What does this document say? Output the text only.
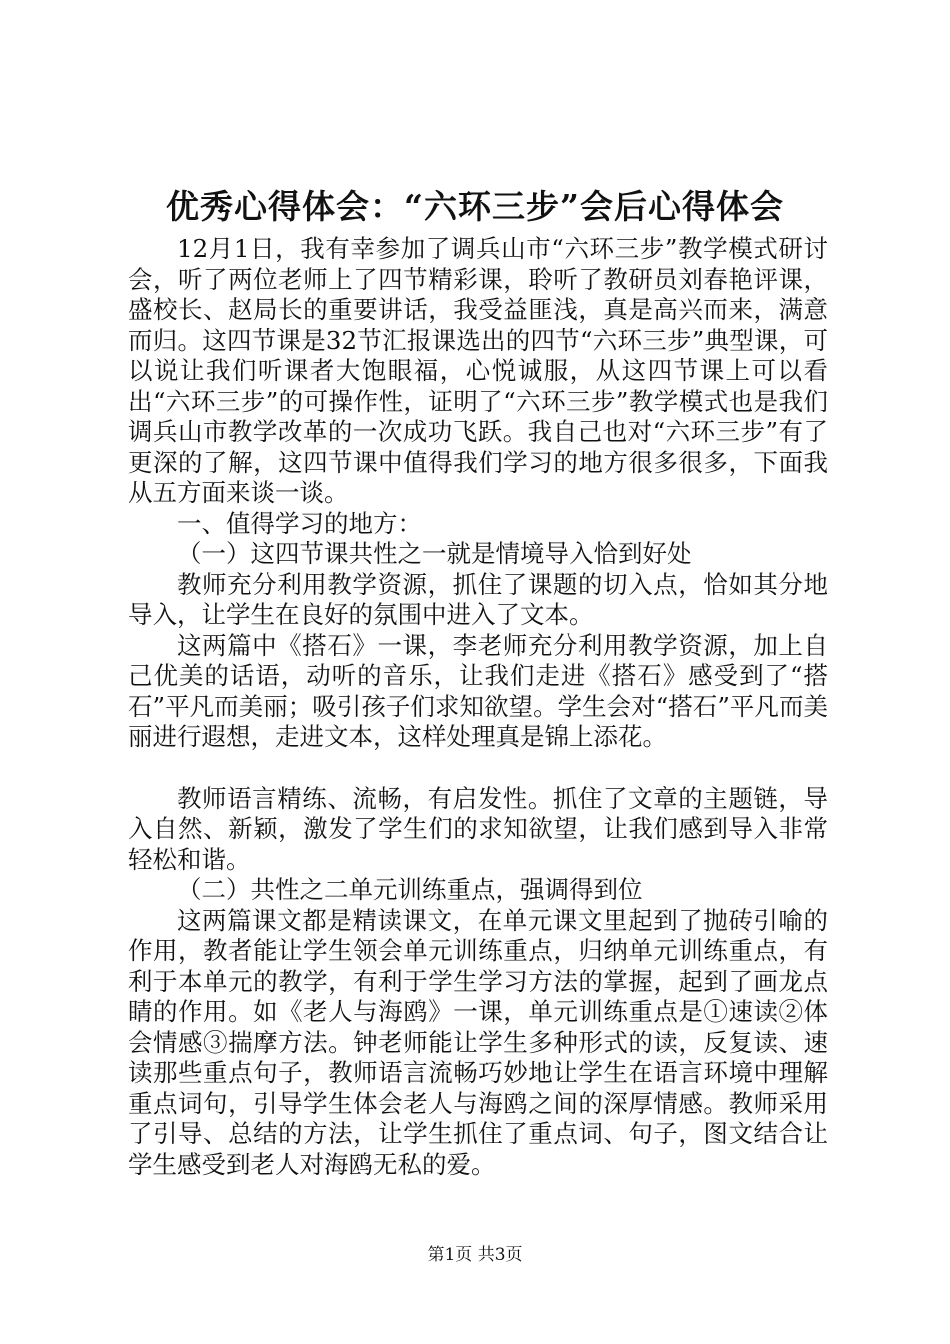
优秀心得体会：“六环三步”会后心得体会

12月1日，我有幸参加了调兵山市“六环三步”教学模式研讨会，听了两位老师上了四节精彩课，聆听了教研员刘春艳评课，盛校长、赵局长的重要讲话，我受益匪浅，真是高兴而来，满意而归。这四节课是32节汇报课选出的四节“六环三步”典型课，可以说让我们听课者大饱眼福，心悦诚服，从这四节课上可以看出“六环三步”的可操作性，证明了“六环三步”教学模式也是我们调兵山市教学改革的一次成功飞跃。我自己也对“六环三步”有了更深的了解，这四节课中值得我们学习的地方很多很多，下面我从五方面来谈一谈。

一、值得学习的地方：

（一）这四节课共性之一就是情境导入恰到好处

教师充分利用教学资源，抓住了课题的切入点，恰如其分地导入，让学生在良好的氛围中进入了文本。

这两篇中《搭石》一课，李老师充分利用教学资源，加上自己优美的话语，动听的音乐，让我们走进《搭石》感受到了“搭石”平凡而美丽；吸引孩子们求知欲望。学生会对“搭石”平凡而美丽进行遐想，走进文本，这样处理真是锦上添花。

教师语言精练、流畅，有启发性。抓住了文章的主题链，导入自然、新颖，激发了学生们的求知欲望，让我们感到导入非常轻松和谐。

（二）共性之二单元训练重点，强调得到位

这两篇课文都是精读课文，在单元课文里起到了抛砖引喻的作用，教者能让学生领会单元训练重点，归纳单元训练重点，有利于本单元的教学，有利于学生学习方法的掌握，起到了画龙点睛的作用。如《老人与海鸥》一课，单元训练重点是①速读②体会情感③揣摩方法。钟老师能让学生多种形式的读，反复读、速读那些重点句子，教师语言流畅巧妙地让学生在语言环境中理解重点词句，引导学生体会老人与海鸥之间的深厚情感。教师采用了引导、总结的方法，让学生抓住了重点词、句子，图文结合让学生感受到老人对海鸥无私的爱。

第1页 共3页
